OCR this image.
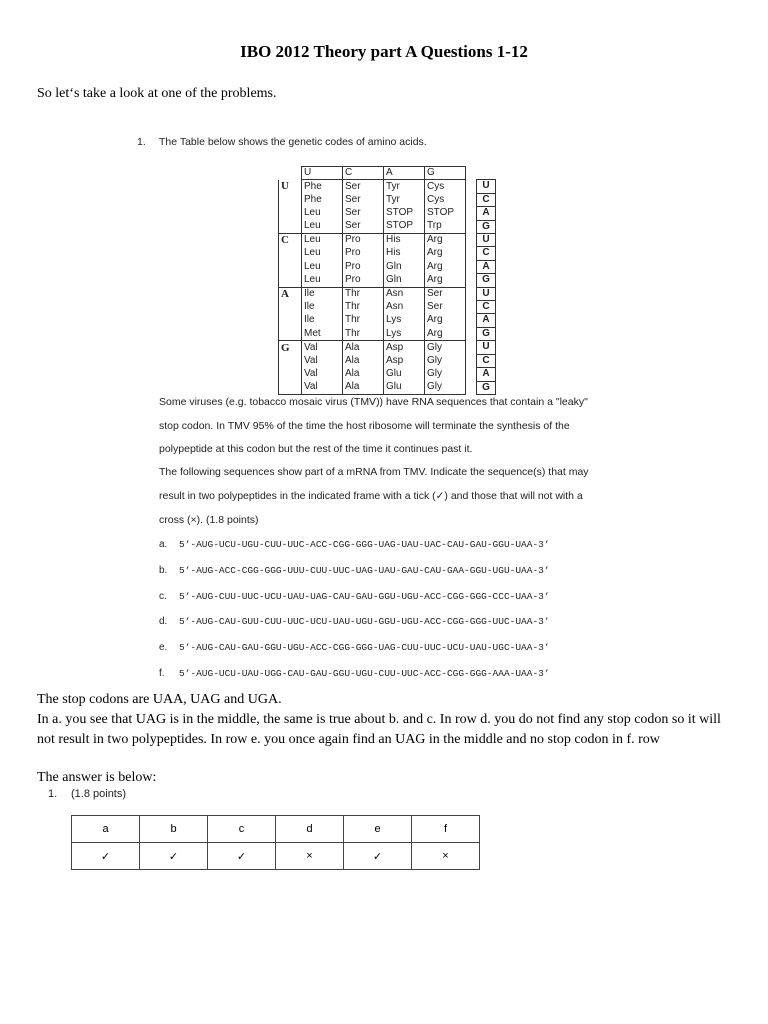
IBO 2012 Theory part A Questions 1-12
So let‘s take a look at one of the problems.
1. The Table below shows the genetic codes of amino acids.
	U	C	A	G		
U	Phe	Ser	Tyr	Cys		U
	Phe	Ser	Tyr	Cys		C
	Leu	Ser	STOP	STOP		A
	Leu	Ser	STOP	Trp		G
C	Leu	Pro	His	Arg		U
	Leu	Pro	His	Arg		C
	Leu	Pro	Gln	Arg		A
	Leu	Pro	Gln	Arg		G
A	Ile	Thr	Asn	Ser		U
	Ile	Thr	Asn	Ser		C
	Ile	Thr	Lys	Arg		A
	Met	Thr	Lys	Arg		G
G	Val	Ala	Asp	Gly		U
	Val	Ala	Asp	Gly		C
	Val	Ala	Glu	Gly		A
	Val	Ala	Glu	Gly		G
Some viruses (e.g. tobacco mosaic virus (TMV)) have RNA sequences that contain a "leaky"
stop codon. In TMV 95% of the time the host ribosome will terminate the synthesis of the
polypeptide at this codon but the rest of the time it continues past it.
The following sequences show part of a mRNA from TMV. Indicate the sequence(s) that may
result in two polypeptides in the indicated frame with a tick (✓) and those that will not with a
cross (×). (1.8 points)
a. 5’-AUG-UCU-UGU-CUU-UUC-ACC-CGG-GGG-UAG-UAU-UAC-CAU-GAU-GGU-UAA-3’
b. 5’-AUG-ACC-CGG-GGG-UUU-CUU-UUC-UAG-UAU-GAU-CAU-GAA-GGU-UGU-UAA-3’
c. 5’-AUG-CUU-UUC-UCU-UAU-UAG-CAU-GAU-GGU-UGU-ACC-CGG-GGG-CCC-UAA-3’
d. 5’-AUG-CAU-GUU-CUU-UUC-UCU-UAU-UGU-GGU-UGU-ACC-CGG-GGG-UUC-UAA-3’
e. 5’-AUG-CAU-GAU-GGU-UGU-ACC-CGG-GGG-UAG-CUU-UUC-UCU-UAU-UGC-UAA-3’
f. 5’-AUG-UCU-UAU-UGG-CAU-GAU-GGU-UGU-CUU-UUC-ACC-CGG-GGG-AAA-UAA-3’
The stop codons are UAA, UAG and UGA.
In a. you see that UAG is in the middle, the same is true about b. and c. In row d. you do not find any stop codon so it will not result in two polypeptides. In row e. you once again find an UAG in the middle and no stop codon in f. row
The answer is below:
1. (1.8 points)
a	b	c	d	e	f
✓	✓	✓	×	✓	×
